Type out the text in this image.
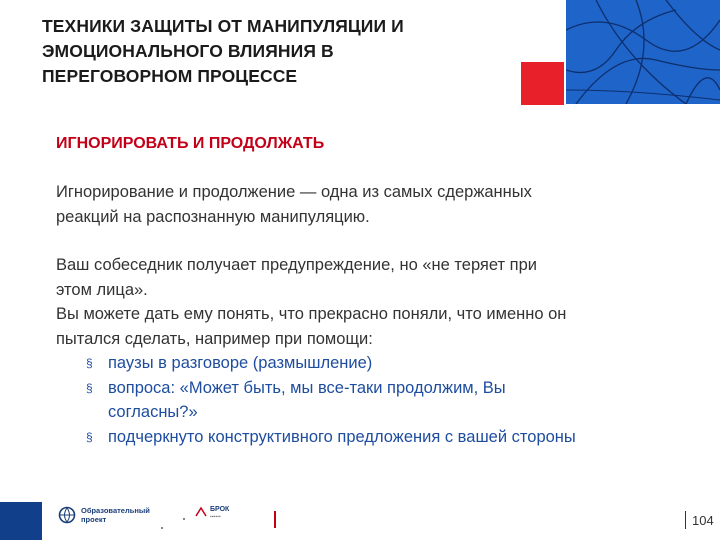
ТЕХНИКИ ЗАЩИТЫ ОТ МАНИПУЛЯЦИИ И
ЭМОЦИОНАЛЬНОГО ВЛИЯНИЯ В
ПЕРЕГОВОРНОМ ПРОЦЕССЕ
ИГНОРИРОВАТЬ И ПРОДОЛЖАТЬ

Игнорирование и продолжение — одна из самых сдержанных
реакций на распознанную манипуляцию.

Ваш собеседник получает предупреждение, но «не теряет при
этом лица».

Вы можете дать ему понять, что прекрасно поняли, что именно он
пытался сделать, например при помощи:

§ паузы в разговоре (размышление)
§ вопроса: «Может быть, мы все-таки продолжим, Вы
согласны?»
§ подчеркнуто конструктивного предложения с вашей стороны
Образовательный
проект
БРОК
▪▪▪▪▪▪	104
